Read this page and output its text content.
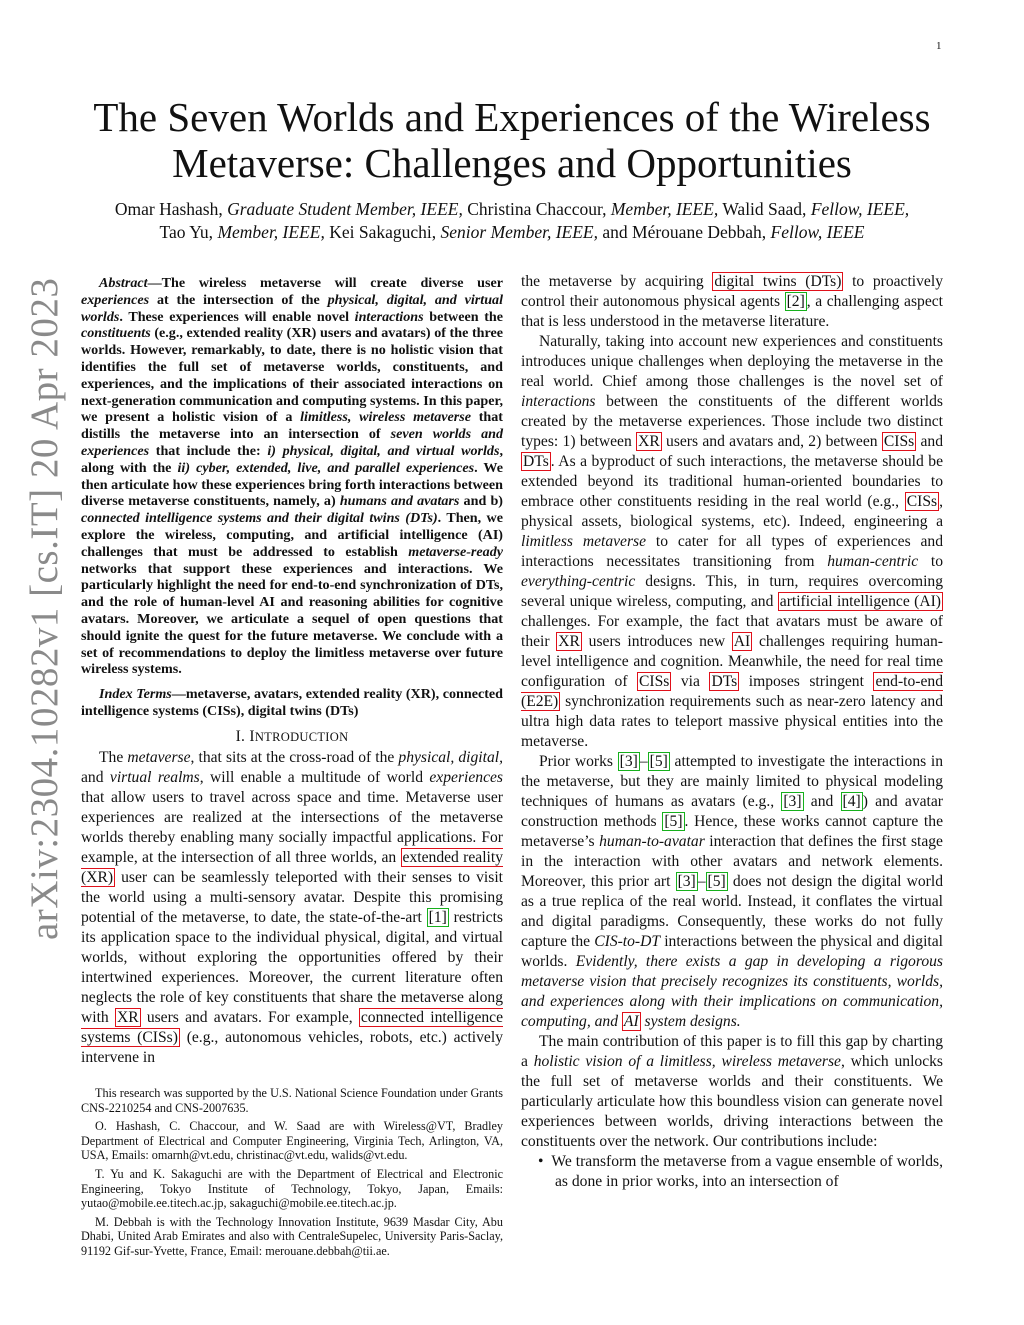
1
arXiv:2304.10282v1 [cs.IT] 20 Apr 2023
The Seven Worlds and Experiences of the Wireless
Metaverse: Challenges and Opportunities
Omar Hashash, Graduate Student Member, IEEE, Christina Chaccour, Member, IEEE, Walid Saad, Fellow, IEEE,
Tao Yu, Member, IEEE, Kei Sakaguchi, Senior Member, IEEE, and Mérouane Debbah, Fellow, IEEE

Abstract—The wireless metaverse will create diverse user experiences at the intersection of the physical, digital, and virtual worlds. These experiences will enable novel interactions between the constituents (e.g., extended reality (XR) users and avatars) of the three worlds. However, remarkably, to date, there is no holistic vision that identifies the full set of metaverse worlds, constituents, and experiences, and the implications of their associated interactions on next-generation communication and computing systems. In this paper, we present a holistic vision of a limitless, wireless metaverse that distills the metaverse into an intersection of seven worlds and experiences that include the: i) physical, digital, and virtual worlds, along with the ii) cyber, extended, live, and parallel experiences. We then articulate how these experiences bring forth interactions between diverse metaverse constituents, namely, a) humans and avatars and b) connected intelligence systems and their digital twins (DTs). Then, we explore the wireless, computing, and artificial intelligence (AI) challenges that must be addressed to establish metaverse-ready networks that support these experiences and interactions. We particularly highlight the need for end-to-end synchronization of DTs, and the role of human-level AI and reasoning abilities for cognitive avatars. Moreover, we articulate a sequel of open questions that should ignite the quest for the future metaverse. We conclude with a set of recommendations to deploy the limitless metaverse over future wireless systems.

Index Terms—metaverse, avatars, extended reality (XR), connected intelligence systems (CISs), digital twins (DTs)

I. INTRODUCTION

The metaverse, that sits at the cross-road of the physical, digital, and virtual realms, will enable a multitude of world experiences that allow users to travel across space and time. Metaverse user experiences are realized at the intersections of the metaverse worlds thereby enabling many socially impactful applications. For example, at the intersection of all three worlds, an extended reality (XR) user can be seamlessly teleported with their senses to visit the world using a multi-sensory avatar. Despite this promising potential of the metaverse, to date, the state-of-the-art [1] restricts its application space to the individual physical, digital, and virtual worlds, without exploring the opportunities offered by their intertwined experiences. Moreover, the current literature often neglects the role of key constituents that share the metaverse along with XR users and avatars. For example, connected intelligence systems (CISs) (e.g., autonomous vehicles, robots, etc.) actively intervene in

This research was supported by the U.S. National Science Foundation under Grants CNS-2210254 and CNS-2007635.

O. Hashash, C. Chaccour, and W. Saad are with Wireless@VT, Bradley Department of Electrical and Computer Engineering, Virginia Tech, Arlington, VA, USA, Emails: omarnh@vt.edu, christinac@vt.edu, walids@vt.edu.

T. Yu and K. Sakaguchi are with the Department of Electrical and Electronic Engineering, Tokyo Institute of Technology, Tokyo, Japan, Emails: yutao@mobile.ee.titech.ac.jp, sakaguchi@mobile.ee.titech.ac.jp.

M. Debbah is with the Technology Innovation Institute, 9639 Masdar City, Abu Dhabi, United Arab Emirates and also with CentraleSupelec, University Paris-Saclay, 91192 Gif-sur-Yvette, France, Email: merouane.debbah@tii.ae.

the metaverse by acquiring digital twins (DTs) to proactively control their autonomous physical agents [2] , a challenging aspect that is less understood in the metaverse literature.

Naturally, taking into account new experiences and constituents introduces unique challenges when deploying the metaverse in the real world. Chief among those challenges is the novel set of interactions between the constituents of the different worlds created by the metaverse experiences. Those include two distinct types: 1) between XR users and avatars and, 2) between CISs and DTs . As a byproduct of such interactions, the metaverse should be extended beyond its traditional human-oriented boundaries to embrace other constituents residing in the real world (e.g., CISs , physical assets, biological systems, etc). Indeed, engineering a limitless metaverse to cater for all types of experiences and interactions necessitates transitioning from human-centric to everything-centric designs. This, in turn, requires overcoming several unique wireless, computing, and artificial intelligence (AI) challenges. For example, the fact that avatars must be aware of their XR users introduces new AI challenges requiring human-level intelligence and cognition. Meanwhile, the need for real time configuration of CISs via DTs imposes stringent end-to-end (E2E) synchronization requirements such as near-zero latency and ultra high data rates to teleport massive physical entities into the metaverse.

Prior works [3] – [5] attempted to investigate the interactions in the metaverse, but they are mainly limited to physical modeling techniques of humans as avatars (e.g., [3] and [4] ) and avatar construction methods [5] . Hence, these works cannot capture the metaverse’s human-to-avatar interaction that defines the first stage in the interaction with other avatars and network elements. Moreover, this prior art [3] – [5] does not design the digital world as a true replica of the real world. Instead, it conflates the virtual and digital paradigms. Consequently, these works do not fully capture the CIS-to-DT interactions between the physical and digital worlds. Evidently, there exists a gap in developing a rigorous metaverse vision that precisely recognizes its constituents, worlds, and experiences along with their implications on communication, computing, and AI system designs.

The main contribution of this paper is to fill this gap by charting a holistic vision of a limitless, wireless metaverse, which unlocks the full set of metaverse worlds and their constituents. We particularly articulate how this boundless vision can generate novel experiences between worlds, driving interactions between the constituents over the network. Our contributions include:

• We transform the metaverse from a vague ensemble of worlds, as done in prior works, into an intersection of
